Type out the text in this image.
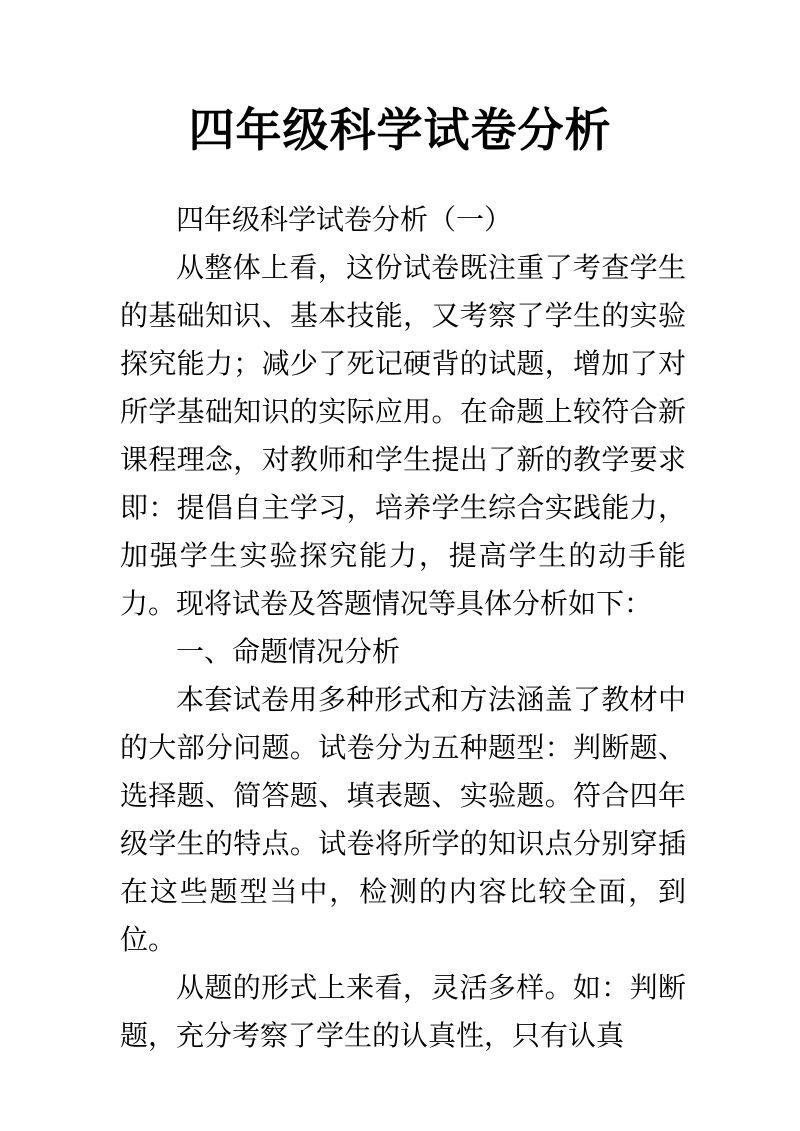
四年级科学试卷分析

四年级科学试卷分析（一）

从整体上看，这份试卷既注重了考查学生的基础知识、基本技能，又考察了学生的实验探究能力；减少了死记硬背的试题，增加了对所学基础知识的实际应用。在命题上较符合新课程理念，对教师和学生提出了新的教学要求即：提倡自主学习，培养学生综合实践能力，加强学生实验探究能力，提高学生的动手能力。现将试卷及答题情况等具体分析如下：

一、命题情况分析

本套试卷用多种形式和方法涵盖了教材中的大部分问题。试卷分为五种题型：判断题、选择题、简答题、填表题、实验题。符合四年级学生的特点。试卷将所学的知识点分别穿插在这些题型当中，检测的内容比较全面，到位。

从题的形式上来看，灵活多样。如：判断题，充分考察了学生的认真性，只有认真
